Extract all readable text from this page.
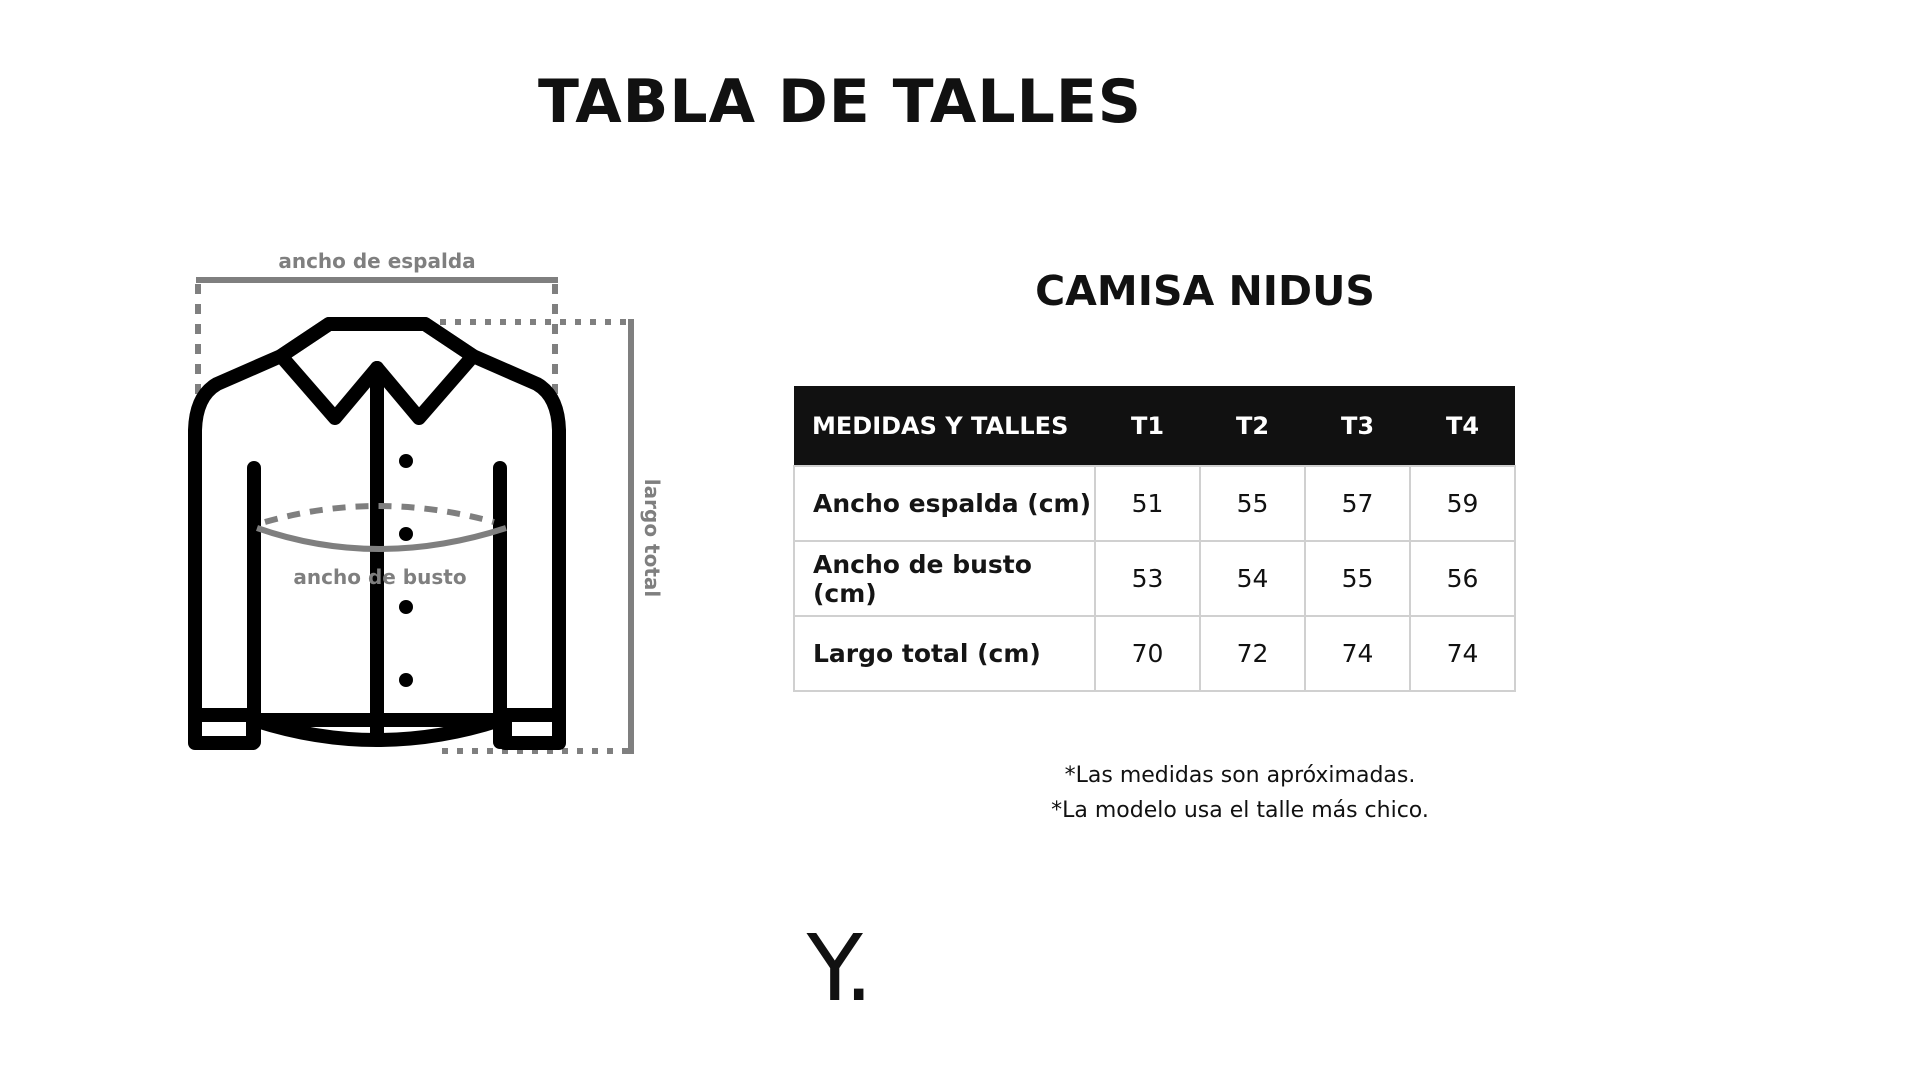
TABLA DE TALLES
ancho de espalda
largo total
ancho de busto
CAMISA NIDUS
MEDIDAS Y TALLES	T1	T2	T3	T4
Ancho espalda (cm)	51	55	57	59
Ancho de busto (cm)	53	54	55	56
Largo total (cm)	70	72	74	74
*Las medidas son apróximadas.
*La modelo usa el talle más chico.
Y.
